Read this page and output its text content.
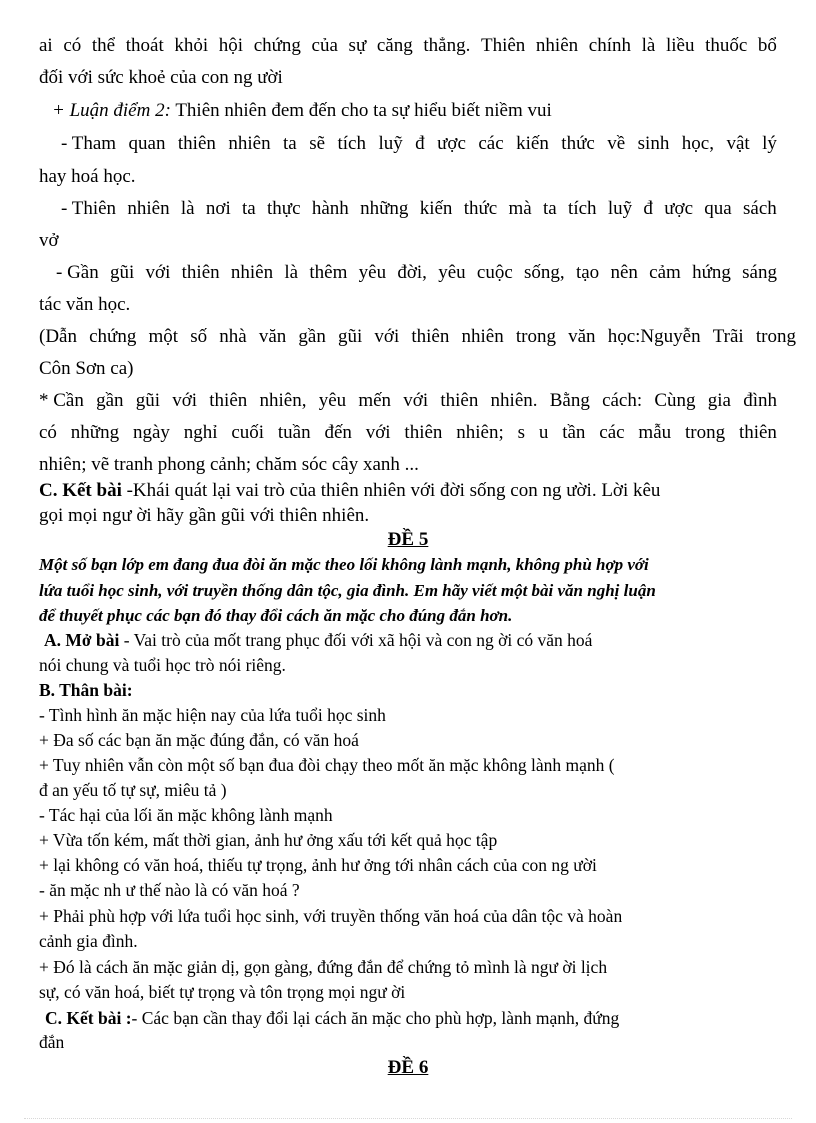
ai có thể thoát khỏi hội chứng của sự căng thẳng. Thiên nhiên chính là liều thuốc bổ
đối với sức khoẻ của con ng ười
+ Luận điểm 2: Thiên nhiên đem đến cho ta sự hiểu biết niềm vui
- Tham quan thiên nhiên ta sẽ tích luỹ đ ược các kiến thức về sinh học, vật lý
hay hoá học.
- Thiên nhiên là nơi ta thực hành những kiến thức mà ta tích luỹ đ ược qua sách
vở
- Gần gũi với thiên nhiên là thêm yêu đời, yêu cuộc sống, tạo nên cảm hứng sáng
tác văn học.
(Dẫn chứng một số nhà văn gần gũi với thiên nhiên trong văn học:Nguyễn Trãi trong
Côn Sơn ca)
* Cần gần gũi với thiên nhiên, yêu mến với thiên nhiên. Bằng cách: Cùng gia đình
có những ngày nghỉ cuối tuần đến với thiên nhiên; s u tần các mẫu trong thiên
nhiên; vẽ tranh phong cảnh; chăm sóc cây xanh ...
C. Kết bài -Khái quát lại vai trò của thiên nhiên với đời sống con ng ười. Lời kêu
gọi mọi ngư ời hãy gần gũi với thiên nhiên.
ĐỀ 5
Một số bạn lớp em đang đua đòi ăn mặc theo lối không lành mạnh, không phù hợp với
lứa tuổi học sinh, với truyền thống dân tộc, gia đình. Em hãy viết một bài văn nghị luận
để thuyết phục các bạn đó thay đổi cách ăn mặc cho đúng đắn hơn.
A. Mở bài - Vai trò của mốt trang phục đối với xã hội và con ng ời có văn hoá
nói chung và tuổi học trò nói riêng.
B. Thân bài:
- Tình hình ăn mặc hiện nay của lứa tuổi học sinh
+ Đa số các bạn ăn mặc đúng đắn, có văn hoá
+ Tuy nhiên vẫn còn một số bạn đua đòi chạy theo mốt ăn mặc không lành mạnh (
đ an yếu tố tự sự, miêu tả )
- Tác hại của lối ăn mặc không lành mạnh
+ Vừa tốn kém, mất thời gian, ảnh hư ởng xấu tới kết quả học tập
+ lại không có văn hoá, thiếu tự trọng, ảnh hư ởng tới nhân cách của con ng ười
- ăn mặc nh ư thế nào là có văn hoá ?
+ Phải phù hợp với lứa tuổi học sinh, với truyền thống văn hoá của dân tộc và hoàn
cảnh gia đình.
+ Đó là cách ăn mặc giản dị, gọn gàng, đứng đắn để chứng tỏ mình là ngư ời lịch
sự, có văn hoá, biết tự trọng và tôn trọng mọi ngư ời
C. Kết bài :- Các bạn cần thay đổi lại cách ăn mặc cho phù hợp, lành mạnh, đứng
đắn
ĐỀ 6
